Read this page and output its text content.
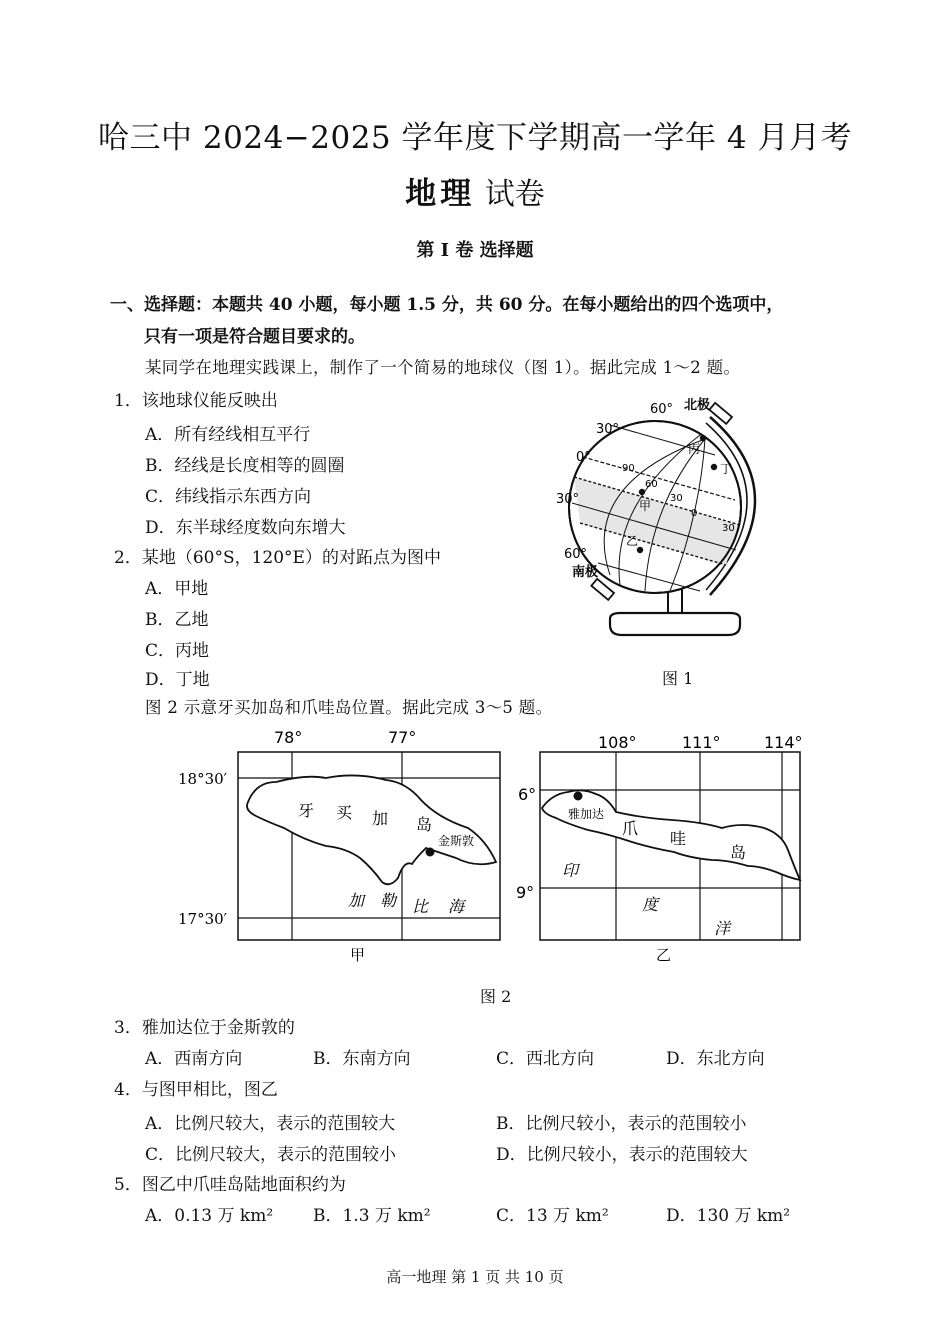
哈三中 2024−2025 学年度下学期高一学年 4 月月考
地理 试卷
第 I 卷 选择题
一、选择题：本题共 40 小题，每小题 1.5 分，共 60 分。在每小题给出的四个选项中，
只有一项是符合题目要求的。
某同学在地理实践课上，制作了一个简易的地球仪（图 1）。据此完成 1～2 题。
1．该地球仪能反映出
A．所有经线相互平行
B．经线是长度相等的圆圈
C．纬线指示东西方向
D．东半球经度数向东增大
2．某地（60°S，120°E）的对跖点为图中
A．甲地
B．乙地
C．丙地
D．丁地
60° 北极
30°
0°
30°
60°
南极
90
60
30
0
30
丙
丁
甲
乙
图 1
图 2 示意牙买加岛和爪哇岛位置。据此完成 3～5 题。
78°	77°
18°30′
17°30′
牙 买 加 岛
金斯敦
加 勒 比 海
甲
108°	111°	114°
6°
9°
雅加达
爪
哇
岛
印
度
洋
乙
图 2
3．雅加达位于金斯敦的
A．西南方向	B．东南方向	C．西北方向	D．东北方向
4．与图甲相比，图乙
A．比例尺较大，表示的范围较大	B．比例尺较小，表示的范围较小
C．比例尺较大，表示的范围较小	D．比例尺较小，表示的范围较大
5．图乙中爪哇岛陆地面积约为
A．0.13 万 km² B．1.3 万 km²	C．13 万 km²	D．130 万 km²
高一地理 第 1 页 共 10 页
